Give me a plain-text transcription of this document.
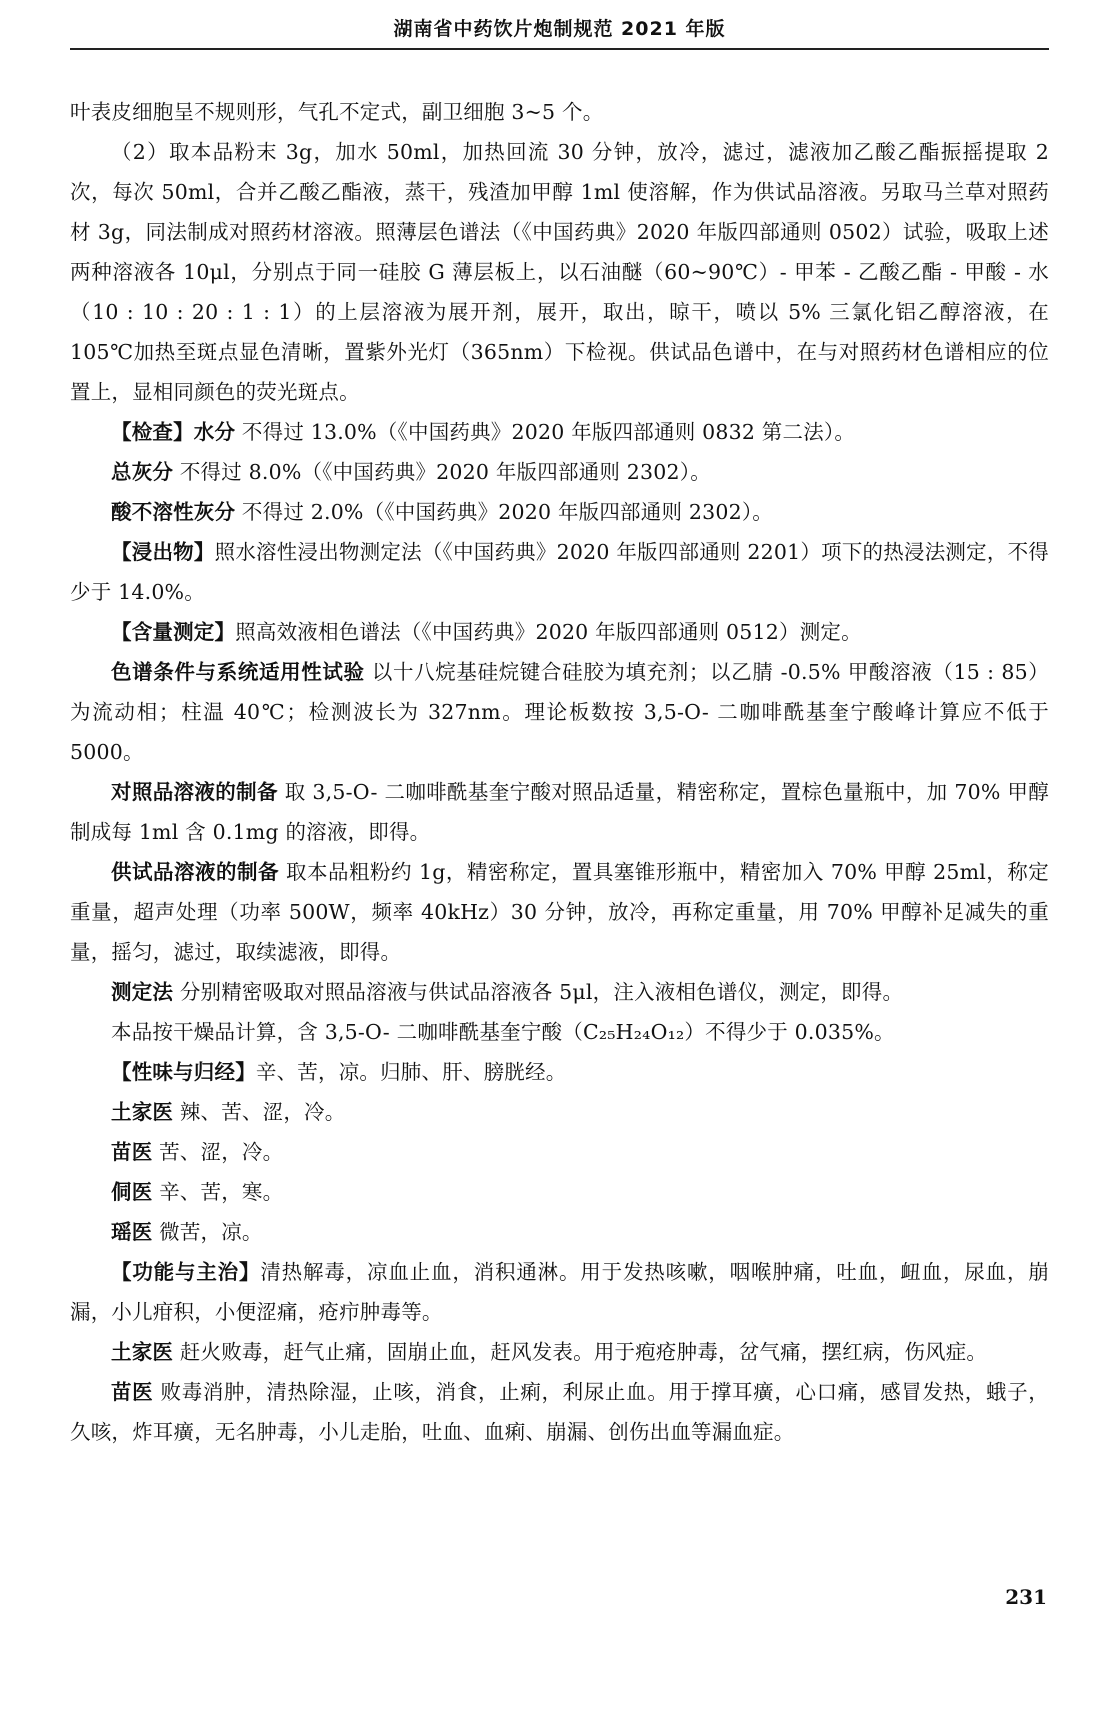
湖南省中药饮片炮制规范 2021 年版

叶表皮细胞呈不规则形，气孔不定式，副卫细胞 3~5 个。

（2）取本品粉末 3g，加水 50ml，加热回流 30 分钟，放冷，滤过，滤液加乙酸乙酯振摇提取 2 次，每次 50ml，合并乙酸乙酯液，蒸干，残渣加甲醇 1ml 使溶解，作为供试品溶液。另取马兰草对照药材 3g，同法制成对照药材溶液。照薄层色谱法（《中国药典》2020 年版四部通则 0502）试验，吸取上述两种溶液各 10μl，分别点于同一硅胶 G 薄层板上，以石油醚（60~90℃）- 甲苯 - 乙酸乙酯 - 甲酸 - 水（10 : 10 : 20 : 1 : 1）的上层溶液为展开剂，展开，取出，晾干，喷以 5% 三氯化铝乙醇溶液，在 105℃加热至斑点显色清晰，置紫外光灯（365nm）下检视。供试品色谱中，在与对照药材色谱相应的位置上，显相同颜色的荧光斑点。

【检查】水分 不得过 13.0%（《中国药典》2020 年版四部通则 0832 第二法）。

总灰分 不得过 8.0%（《中国药典》2020 年版四部通则 2302）。

酸不溶性灰分 不得过 2.0%（《中国药典》2020 年版四部通则 2302）。

【浸出物】照水溶性浸出物测定法（《中国药典》2020 年版四部通则 2201）项下的热浸法测定，不得少于 14.0%。

【含量测定】照高效液相色谱法（《中国药典》2020 年版四部通则 0512）测定。

色谱条件与系统适用性试验 以十八烷基硅烷键合硅胶为填充剂；以乙腈 -0.5% 甲酸溶液（15 : 85）为流动相；柱温 40℃；检测波长为 327nm。理论板数按 3,5-O- 二咖啡酰基奎宁酸峰计算应不低于 5000。

对照品溶液的制备 取 3,5-O- 二咖啡酰基奎宁酸对照品适量，精密称定，置棕色量瓶中，加 70% 甲醇制成每 1ml 含 0.1mg 的溶液，即得。

供试品溶液的制备 取本品粗粉约 1g，精密称定，置具塞锥形瓶中，精密加入 70% 甲醇 25ml，称定重量，超声处理（功率 500W，频率 40kHz）30 分钟，放冷，再称定重量，用 70% 甲醇补足减失的重量，摇匀，滤过，取续滤液，即得。

测定法 分别精密吸取对照品溶液与供试品溶液各 5μl，注入液相色谱仪，测定，即得。

本品按干燥品计算，含 3,5-O- 二咖啡酰基奎宁酸（C₂₅H₂₄O₁₂）不得少于 0.035%。

【性味与归经】辛、苦，凉。归肺、肝、膀胱经。

土家医 辣、苦、涩，冷。

苗医 苦、涩，冷。

侗医 辛、苦，寒。

瑶医 微苦，凉。

【功能与主治】清热解毒，凉血止血，消积通淋。用于发热咳嗽，咽喉肿痛，吐血，衄血，尿血，崩漏，小儿疳积，小便涩痛，疮疖肿毒等。

土家医 赶火败毒，赶气止痛，固崩止血，赶风发表。用于疱疮肿毒，岔气痛，摆红病，伤风症。

苗医 败毒消肿，清热除湿，止咳，消食，止痢，利尿止血。用于撑耳癀，心口痛，感冒发热，蛾子，久咳，炸耳癀，无名肿毒，小儿走胎，吐血、血痢、崩漏、创伤出血等漏血症。

231
